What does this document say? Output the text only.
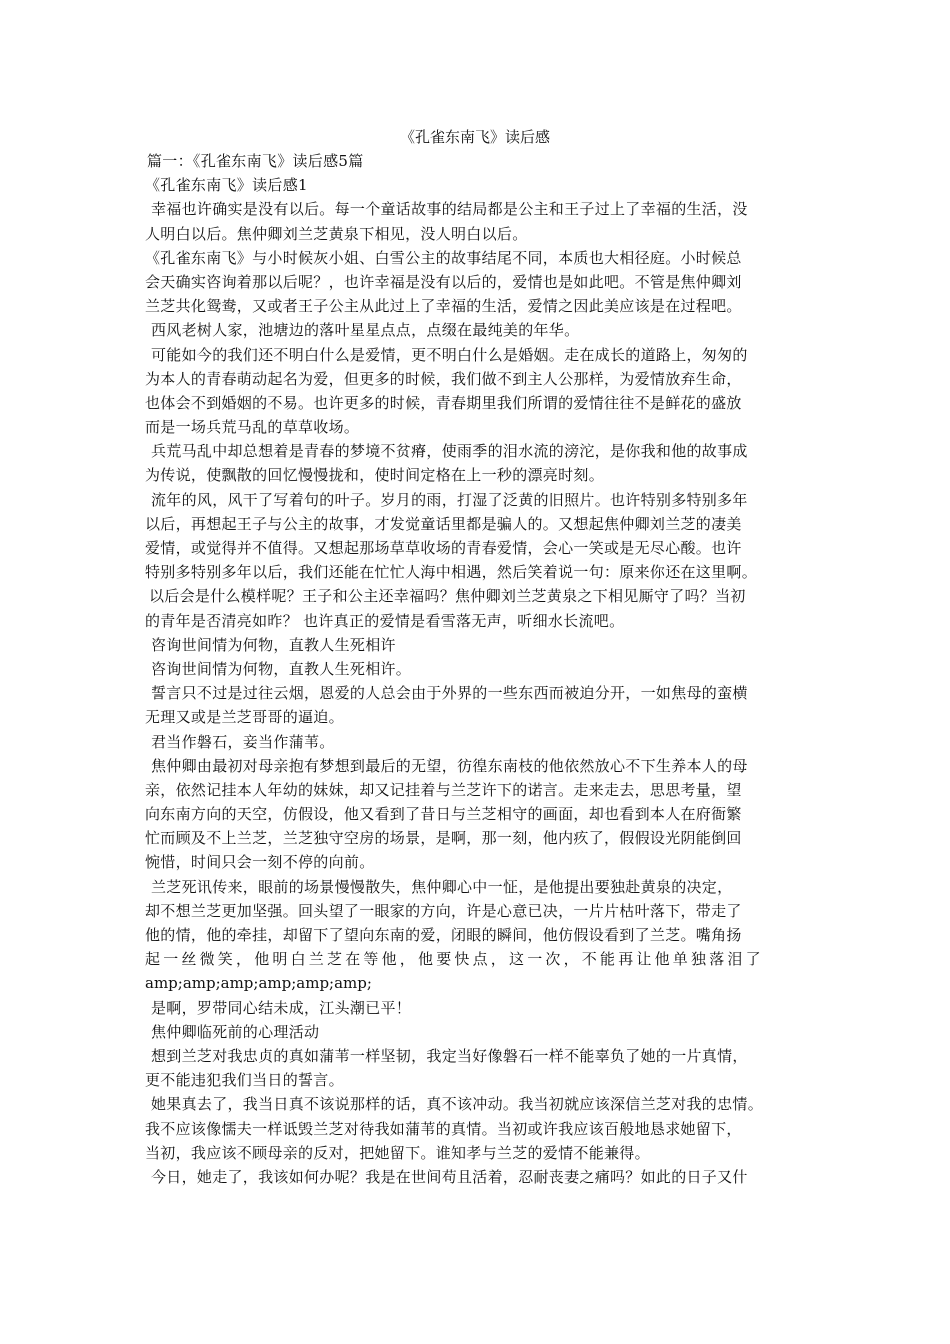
《孔雀东南飞》读后感
篇一：《孔雀东南飞》读后感5篇
《孔雀东南飞》读后感1
幸福也许确实是没有以后。每一个童话故事的结局都是公主和王子过上了幸福的生活，没
人明白以后。焦仲卿刘兰芝黄泉下相见，没人明白以后。
《孔雀东南飞》与小时候灰小姐、白雪公主的故事结尾不同，本质也大相径庭。小时候总
会天确实咨询着那以后呢？，也许幸福是没有以后的，爱情也是如此吧。不管是焦仲卿刘
兰芝共化鸳鸯，又或者王子公主从此过上了幸福的生活，爱情之因此美应该是在过程吧。
西风老树人家，池塘边的落叶星星点点，点缀在最纯美的年华。
可能如今的我们还不明白什么是爱情，更不明白什么是婚姻。走在成长的道路上，匆匆的
为本人的青春萌动起名为爱，但更多的时候，我们做不到主人公那样，为爱情放弃生命，
也体会不到婚姻的不易。也许更多的时候，青春期里我们所谓的爱情往往不是鲜花的盛放
而是一场兵荒马乱的草草收场。
兵荒马乱中却总想着是青春的梦境不贫瘠，使雨季的泪水流的滂沱，是你我和他的故事成
为传说，使飘散的回忆慢慢拢和，使时间定格在上一秒的漂亮时刻。
流年的风，风干了写着句的叶子。岁月的雨，打湿了泛黄的旧照片。也许特别多特别多年
以后，再想起王子与公主的故事，才发觉童话里都是骗人的。又想起焦仲卿刘兰芝的凄美
爱情，或觉得并不值得。又想起那场草草收场的青春爱情，会心一笑或是无尽心酸。也许
特别多特别多年以后，我们还能在忙忙人海中相遇，然后笑着说一句：原来你还在这里啊。
以后会是什么模样呢？王子和公主还幸福吗？焦仲卿刘兰芝黄泉之下相见厮守了吗？当初
的青年是否清亮如昨？ 也许真正的爱情是看雪落无声，听细水长流吧。
咨询世间情为何物，直教人生死相许
咨询世间情为何物，直教人生死相许。
誓言只不过是过往云烟，恩爱的人总会由于外界的一些东西而被迫分开，一如焦母的蛮横
无理又或是兰芝哥哥的逼迫。
君当作磐石，妾当作蒲苇。
焦仲卿由最初对母亲抱有梦想到最后的无望，彷徨东南枝的他依然放心不下生养本人的母
亲，依然记挂本人年幼的妹妹，却又记挂着与兰芝许下的诺言。走来走去，思思考量，望
向东南方向的天空，仿假设，他又看到了昔日与兰芝相守的画面，却也看到本人在府衙繁
忙而顾及不上兰芝，兰芝独守空房的场景，是啊，那一刻，他内疚了，假假设光阴能倒回
惋惜，时间只会一刻不停的向前。
兰芝死讯传来，眼前的场景慢慢散失，焦仲卿心中一怔，是他提出要独赴黄泉的决定，
却不想兰芝更加坚强。回头望了一眼家的方向，许是心意已决，一片片枯叶落下，带走了
他的情，他的牵挂，却留下了望向东南的爱，闭眼的瞬间，他仿假设看到了兰芝。嘴角扬
起一丝微笑，他明白兰芝在等他，他要快点，这一次，不能再让他单独落泪了
amp;amp;amp;amp;amp;amp;
是啊，罗带同心结未成，江头潮已平！
焦仲卿临死前的心理活动
想到兰芝对我忠贞的真如蒲苇一样坚韧，我定当好像磐石一样不能辜负了她的一片真情，
更不能违犯我们当日的誓言。
她果真去了，我当日真不该说那样的话，真不该冲动。我当初就应该深信兰芝对我的忠情。
我不应该像懦夫一样诋毁兰芝对待我如蒲苇的真情。当初或许我应该百般地恳求她留下，
当初，我应该不顾母亲的反对，把她留下。谁知孝与兰芝的爱情不能兼得。
今日，她走了，我该如何办呢？我是在世间苟且活着，忍耐丧妻之痛吗？如此的日子又什
